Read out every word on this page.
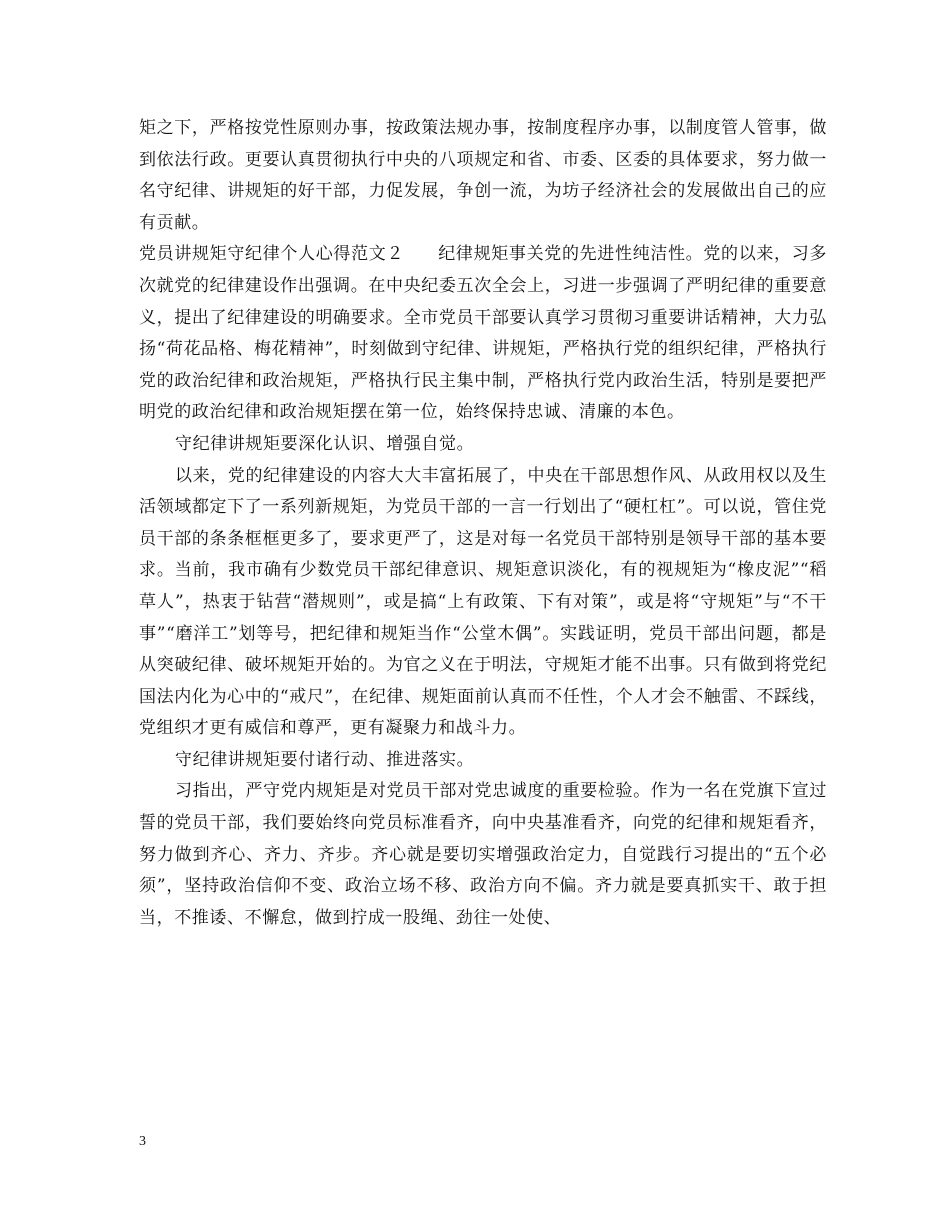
矩之下，严格按党性原则办事，按政策法规办事，按制度程序办事，以制度管人管事，做到依法行政。更要认真贯彻执行中央的八项规定和省、市委、区委的具体要求，努力做一名守纪律、讲规矩的好干部，力促发展，争创一流，为坊子经济社会的发展做出自己的应有贡献。

党员讲规矩守纪律个人心得范文２ 纪律规矩事关党的先进性纯洁性。党的以来，习多次就党的纪律建设作出强调。在中央纪委五次全会上，习进一步强调了严明纪律的重要意义，提出了纪律建设的明确要求。全市党员干部要认真学习贯彻习重要讲话精神，大力弘扬“荷花品格、梅花精神”，时刻做到守纪律、讲规矩，严格执行党的组织纪律，严格执行党的政治纪律和政治规矩，严格执行民主集中制，严格执行党内政治生活，特别是要把严明党的政治纪律和政治规矩摆在第一位，始终保持忠诚、清廉的本色。

守纪律讲规矩要深化认识、增强自觉。

以来，党的纪律建设的内容大大丰富拓展了，中央在干部思想作风、从政用权以及生活领域都定下了一系列新规矩，为党员干部的一言一行划出了“硬杠杠”。可以说，管住党员干部的条条框框更多了，要求更严了，这是对每一名党员干部特别是领导干部的基本要求。当前，我市确有少数党员干部纪律意识、规矩意识淡化，有的视规矩为“橡皮泥”“稻草人”，热衷于钻营“潜规则”，或是搞“上有政策、下有对策”，或是将“守规矩”与“不干事”“磨洋工”划等号，把纪律和规矩当作“公堂木偶”。实践证明，党员干部出问题，都是从突破纪律、破坏规矩开始的。为官之义在于明法，守规矩才能不出事。只有做到将党纪国法内化为心中的“戒尺”，在纪律、规矩面前认真而不任性，个人才会不触雷、不踩线，党组织才更有威信和尊严，更有凝聚力和战斗力。

守纪律讲规矩要付诸行动、推进落实。

习指出，严守党内规矩是对党员干部对党忠诚度的重要检验。作为一名在党旗下宣过誓的党员干部，我们要始终向党员标准看齐，向中央基准看齐，向党的纪律和规矩看齐，努力做到齐心、齐力、齐步。齐心就是要切实增强政治定力，自觉践行习提出的“五个必须”，坚持政治信仰不变、政治立场不移、政治方向不偏。齐力就是要真抓实干、敢于担当，不推诿、不懈怠，做到拧成一股绳、劲往一处使、

3
